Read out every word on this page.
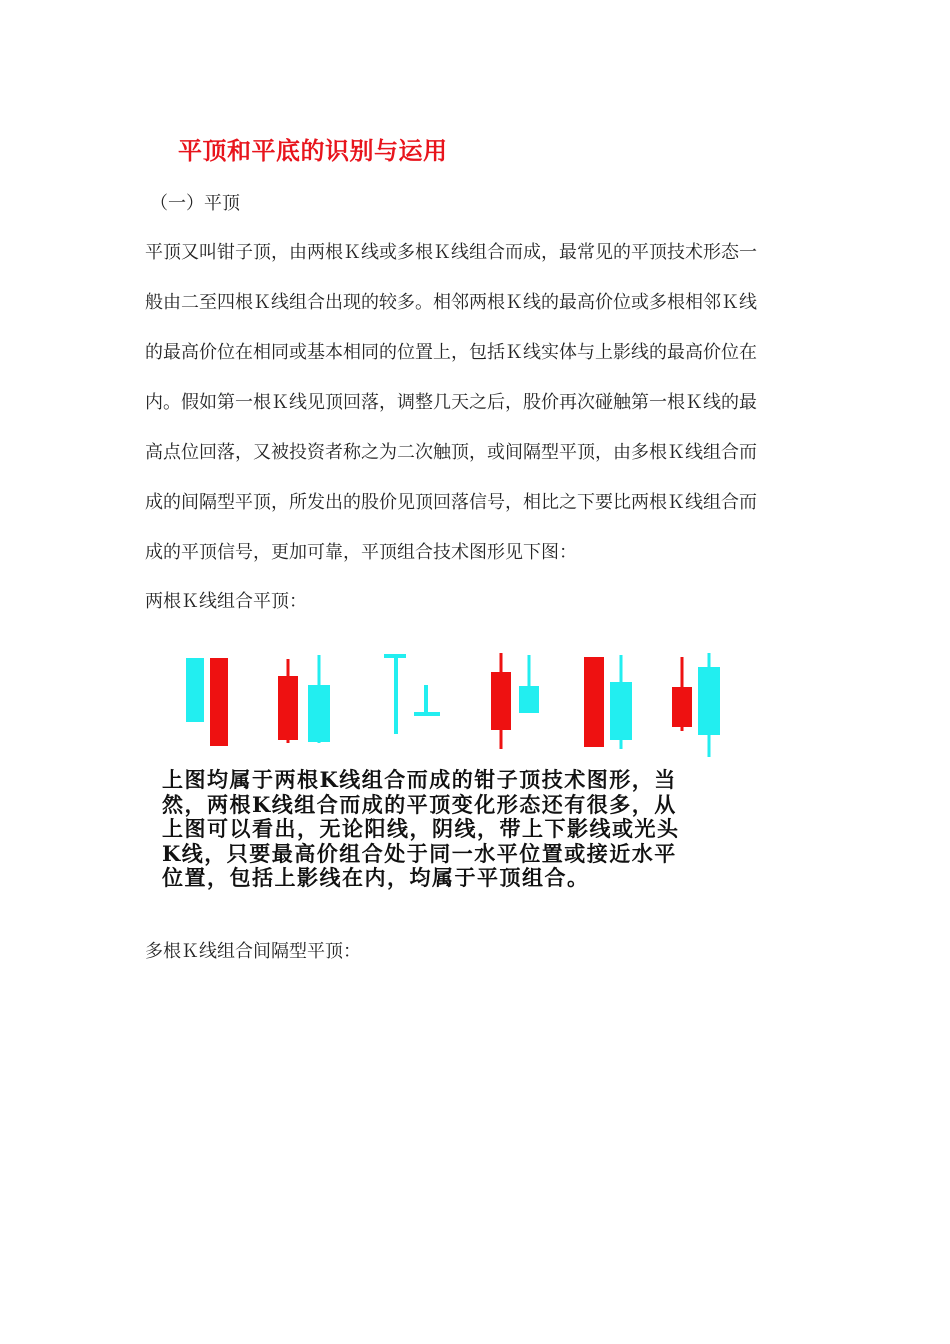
平顶和平底的识别与运用
（一）平顶

平顶又叫钳子顶，由两根Ｋ线或多根Ｋ线组合而成，最常见的平顶技术形态一
般由二至四根Ｋ线组合出现的较多。相邻两根Ｋ线的最高价位或多根相邻Ｋ线
的最高价位在相同或基本相同的位置上，包括Ｋ线实体与上影线的最高价位在
内。假如第一根Ｋ线见顶回落，调整几天之后，股价再次碰触第一根Ｋ线的最
高点位回落，又被投资者称之为二次触顶，或间隔型平顶，由多根Ｋ线组合而
成的间隔型平顶，所发出的股价见顶回落信号，相比之下要比两根Ｋ线组合而
成的平顶信号，更加可靠，平顶组合技术图形见下图：

两根Ｋ线组合平顶：
上图均属于两根K线组合而成的钳子顶技术图形，当
然，两根K线组合而成的平顶变化形态还有很多，从
上图可以看出，无论阳线，阴线，带上下影线或光头
K线，只要最高价组合处于同一水平位置或接近水平
位置，包括上影线在内，均属于平顶组合。
多根Ｋ线组合间隔型平顶：
